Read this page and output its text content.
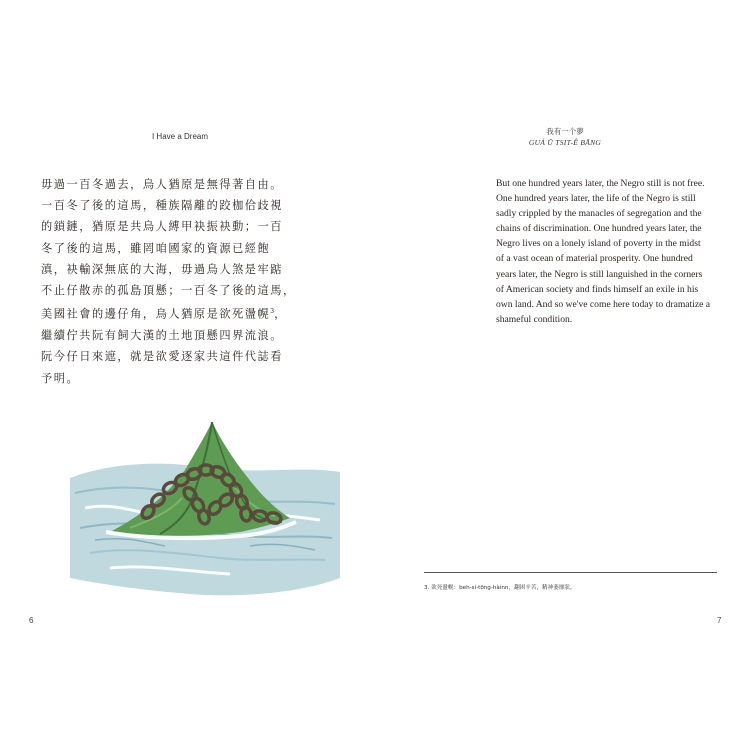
I Have a Dream
毋過一百冬過去，烏人猶原是無得著自由。
一百冬了後的這馬，種族隔離的跤枷佮歧視
的鎖鏈，猶原是共烏人縛甲袂振袂動；一百
冬了後的這馬，雖罔咱國家的資源已經飽
滇，袂輸深無底的大海，毋過烏人煞是牢踮
不止仔散赤的孤島頂懸；一百冬了後的這馬，
美國社會的邊仔角，烏人猶原是欲死盪幌$^3$，
繼續佇共阮有飼大漢的土地頂懸四界流浪。
阮今仔日來遮，就是欲愛逐家共這件代誌看
予明。
6
我有一个夢
GUÁ Ū TSIT-Ê BĀNG
But one hundred years later, the Negro still is not free.
One hundred years later, the life of the Negro is still
sadly crippled by the manacles of segregation and the
chains of discrimination. One hundred years later, the
Negro lives on a lonely island of poverty in the midst
of a vast ocean of material prosperity. One hundred
years later, the Negro is still languished in the corners
of American society and finds himself an exile in his
own land. And so we've come here today to dramatize a
shameful condition.
3. 欲死盪幌：beh-sí-tōng-hàinn，翻困辛苦，精神萎靡狀。
7
